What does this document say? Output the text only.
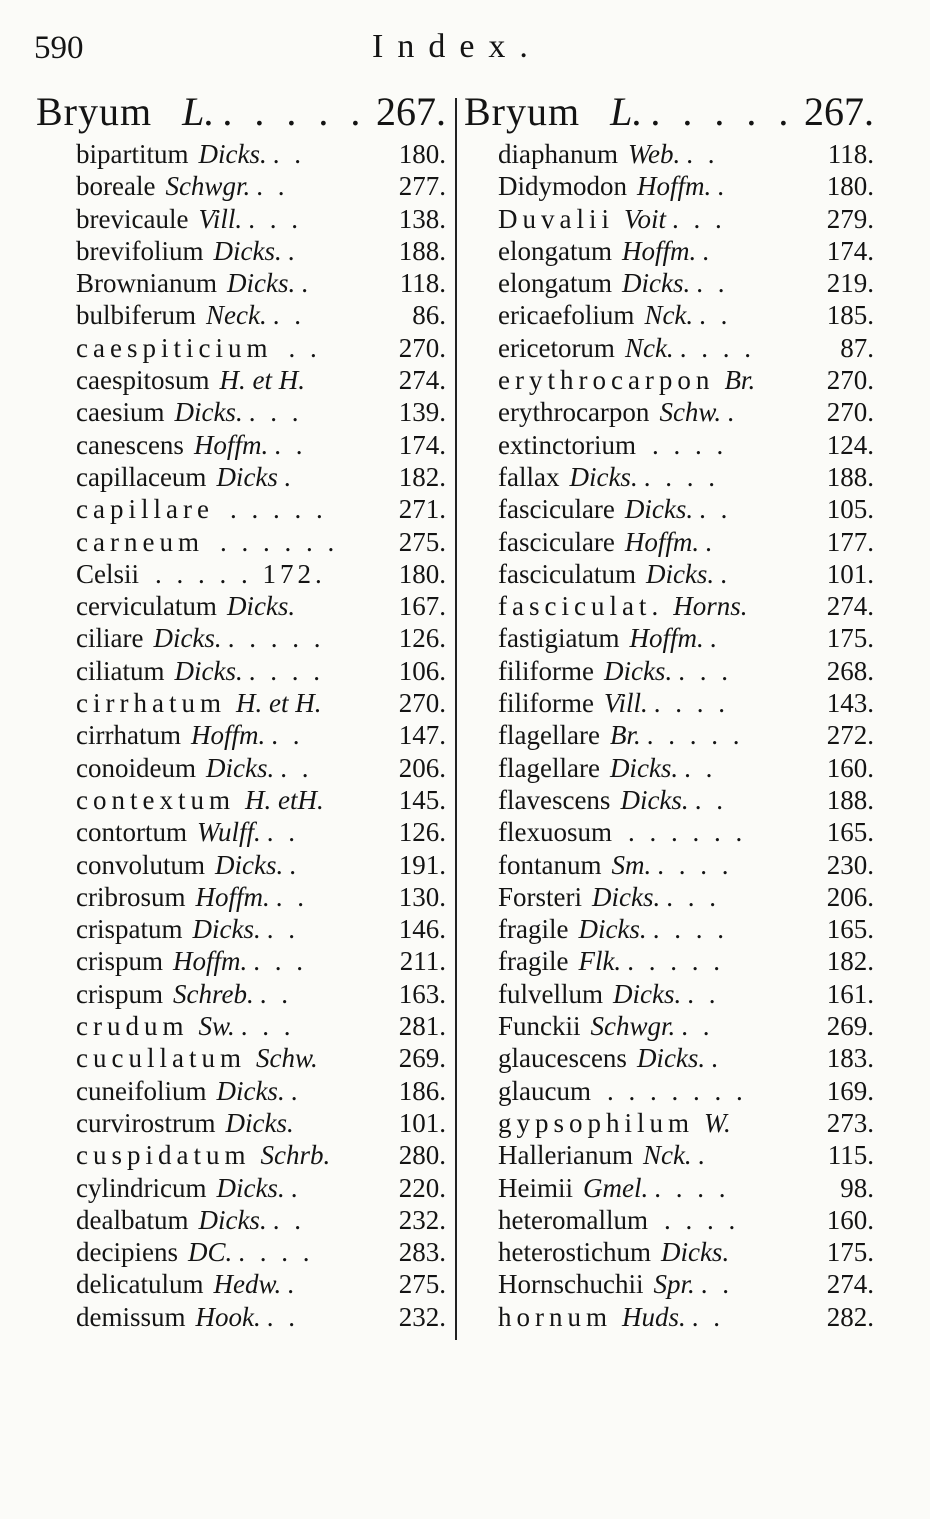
590	Index.
Bryum L. . . . . . 267.
bipartitum Dicks. . .	180.
boreale Schwgr. . .	277.
brevicaule Vill. . . .	138.
brevifolium Dicks. .	188.
Brownianum Dicks. .	118.
bulbiferum Neck. . .	86.
caespiticium . .	270.
caespitosum H. et H.	274.
caesium Dicks. . . .	139.
canescens Hoffm. . .	174.
capillaceum Dicks .	182.
capillare . . . . .	271.
carneum . . . . . .	275.
Celsii . . . . . 172.	180.
cerviculatum Dicks.	167.
ciliare Dicks. . . . . .	126.
ciliatum Dicks. . . . .	106.
cirrhatum H. et H.	270.
cirrhatum Hoffm. . .	147.
conoideum Dicks. . .	206.
contextum H. etH.	145.
contortum Wulff. . .	126.
convolutum Dicks. .	191.
cribrosum Hoffm. . .	130.
crispatum Dicks. . .	146.
crispum Hoffm. . . .	211.
crispum Schreb. . .	163.
crudum Sw. . . .	281.
cucullatum Schw.	269.
cuneifolium Dicks. .	186.
curvirostrum Dicks.	101.
cuspidatum Schrb.	280.
cylindricum Dicks. .	220.
dealbatum Dicks. . .	232.
decipiens DC. . . . .	283.
delicatulum Hedw. .	275.
demissum Hook. . .	232.
Bryum L. . . . . . 267.
diaphanum Web. . .	118.
Didymodon Hoffm. .	180.
Duvalii Voit . . .	279.
elongatum Hoffm. .	174.
elongatum Dicks. . .	219.
ericaefolium Nck. . .	185.
ericetorum Nck. . . . .	87.
erythrocarpon Br.	270.
erythrocarpon Schw. .	270.
extinctorium . . . .	124.
fallax Dicks. . . . .	188.
fasciculare Dicks. . .	105.
fasciculare Hoffm. .	177.
fasciculatum Dicks. .	101.
fasciculat. Horns.	274.
fastigiatum Hoffm. .	175.
filiforme Dicks. . . .	268.
filiforme Vill. . . . .	143.
flagellare Br. . . . . .	272.
flagellare Dicks. . .	160.
flavescens Dicks. . .	188.
flexuosum . . . . . .	165.
fontanum Sm. . . . .	230.
Forsteri Dicks. . . .	206.
fragile Dicks. . . . .	165.
fragile Flk. . . . . .	182.
fulvellum Dicks. . .	161.
Funckii Schwgr. . .	269.
glaucescens Dicks. .	183.
glaucum . . . . . . .	169.
gypsophilum W.	273.
Hallerianum Nck. .	115.
Heimii Gmel. . . . .	98.
heteromallum . . . .	160.
heterostichum Dicks.	175.
Hornschuchii Spr. . .	274.
hornum Huds. . .	282.
